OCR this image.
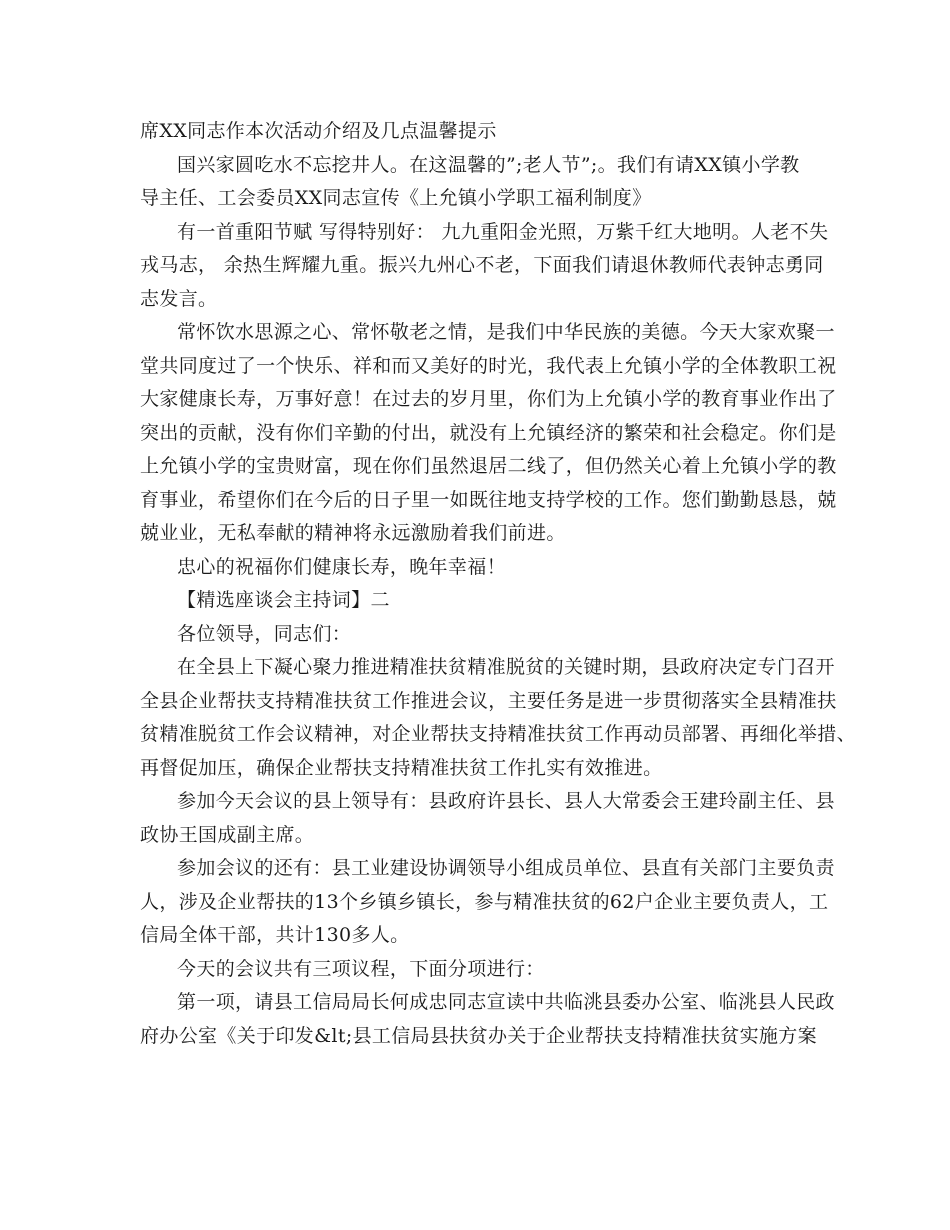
席XX同志作本次活动介绍及几点温馨提示
国兴家圆吃水不忘挖井人。在这温馨的”;老人节”;。我们有请XX镇小学教
导主任、工会委员XX同志宣传《上允镇小学职工福利制度》
有一首重阳节赋 写得特别好： 九九重阳金光照，万紫千红大地明。人老不失
戎马志， 余热生辉耀九重。振兴九州心不老，下面我们请退休教师代表钟志勇同
志发言。
常怀饮水思源之心、常怀敬老之情，是我们中华民族的美德。今天大家欢聚一
堂共同度过了一个快乐、祥和而又美好的时光，我代表上允镇小学的全体教职工祝
大家健康长寿，万事好意！在过去的岁月里，你们为上允镇小学的教育事业作出了
突出的贡献，没有你们辛勤的付出，就没有上允镇经济的繁荣和社会稳定。你们是
上允镇小学的宝贵财富，现在你们虽然退居二线了，但仍然关心着上允镇小学的教
育事业，希望你们在今后的日子里一如既往地支持学校的工作。您们勤勤恳恳，兢
兢业业，无私奉献的精神将永远激励着我们前进。
忠心的祝福你们健康长寿，晚年幸福！
【精选座谈会主持词】二
各位领导，同志们：
在全县上下凝心聚力推进精准扶贫精准脱贫的关键时期，县政府决定专门召开
全县企业帮扶支持精准扶贫工作推进会议，主要任务是进一步贯彻落实全县精准扶
贫精准脱贫工作会议精神，对企业帮扶支持精准扶贫工作再动员部署、再细化举措、
再督促加压，确保企业帮扶支持精准扶贫工作扎实有效推进。
参加今天会议的县上领导有：县政府许县长、县人大常委会王建玲副主任、县
政协王国成副主席。
参加会议的还有：县工业建设协调领导小组成员单位、县直有关部门主要负责
人，涉及企业帮扶的13个乡镇乡镇长，参与精准扶贫的62户企业主要负责人，工
信局全体干部，共计130多人。
今天的会议共有三项议程，下面分项进行：
第一项，请县工信局局长何成忠同志宣读中共临洮县委办公室、临洮县人民政
府办公室《关于印发&lt;县工信局县扶贫办关于企业帮扶支持精准扶贫实施方案
